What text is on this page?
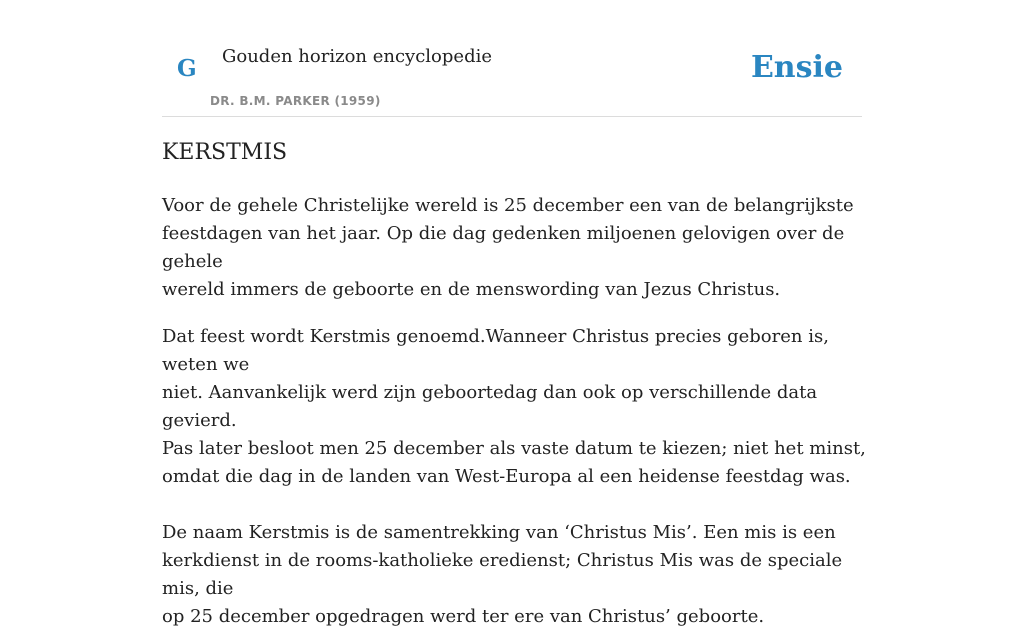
G Gouden horizon encyclopedie
DR. B.M. PARKER (1959)
Ensie
KERSTMIS

Voor de gehele Christelijke wereld is 25 december een van de belangrijkste
feestdagen van het jaar. Op die dag gedenken miljoenen gelovigen over de gehele
wereld immers de geboorte en de menswording van Jezus Christus.

Dat feest wordt Kerstmis genoemd.Wanneer Christus precies geboren is, weten we
niet. Aanvankelijk werd zijn geboortedag dan ook op verschillende data gevierd.
Pas later besloot men 25 december als vaste datum te kiezen; niet het minst,
omdat die dag in de landen van West-Europa al een heidense feestdag was.

De naam Kerstmis is de samentrekking van ‘Christus Mis’. Een mis is een
kerkdienst in de rooms-katholieke eredienst; Christus Mis was de speciale mis, die
op 25 december opgedragen werd ter ere van Christus’ geboorte.
